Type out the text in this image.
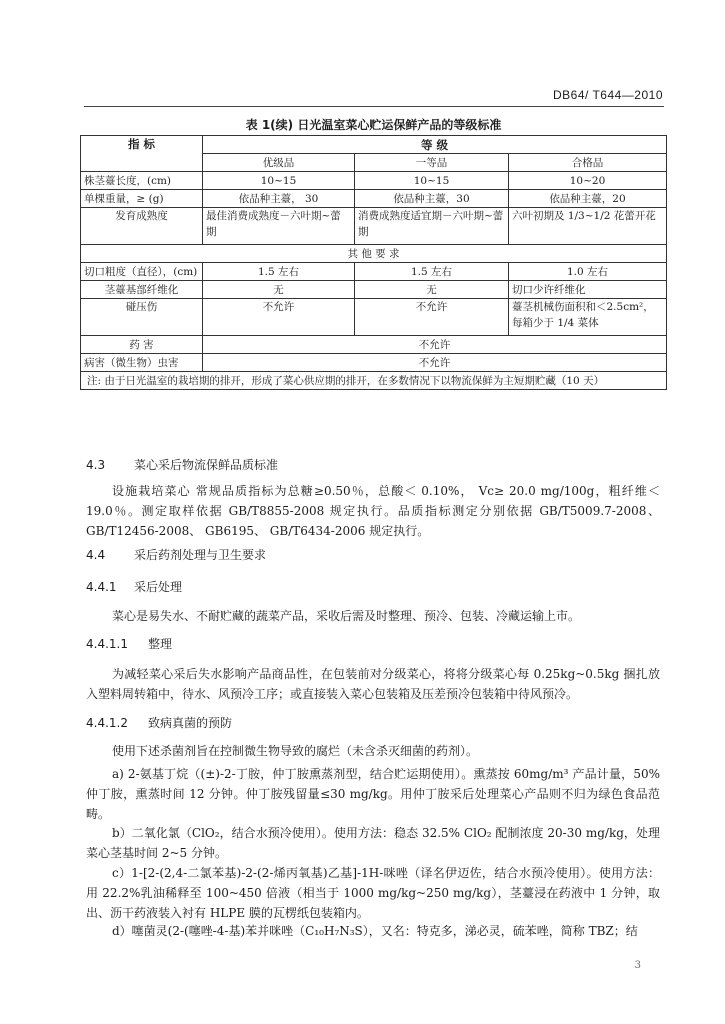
DB64/ T644—2010
表 1(续) 日光温室菜心贮运保鲜产品的等级标准			
指 标	等 级		
	优级品	一等品	合格品
株茎薹长度，(cm)	10~15	10~15	10~20
单棵重量，≥ (g)	依品种主薹， 30	依品种主薹，30	依品种主薹，20
发育成熟度	最佳消费成熟度－六叶期~蕾期	消费成熟度适宜期－六叶期~蕾期	六叶初期及 1/3~1/2 花蕾开花
其 他 要 求			
切口粗度（直径），(cm)	1.5 左右	1.5 左右	1.0 左右
茎薹基部纤维化	无	无	切口少许纤维化
碰压伤	不允许	不允许	薹茎机械伤面积和＜2.5cm²，每箱少于 1/4 菜体
药 害	不允许		
病害（微生物）虫害	不允许		
注: 由于日光温室的栽培期的排开，形成了菜心供应期的排开，在多数情况下以物流保鲜为主短期贮藏（10 天）			
4.3 菜心采后物流保鲜品质标准

设施栽培菜心 常规品质指标为总糖≥0.50％，总酸＜ 0.10%， Vc≥ 20.0 mg/100g，粗纤维＜19.0％。测定取样依据 GB/T8855-2008 规定执行。品质指标测定分别依据 GB/T5009.7-2008、GB/T12456-2008、 GB6195、 GB/T6434-2006 规定执行。

4.4 采后药剂处理与卫生要求
4.4.1 采后处理

菜心是易失水、不耐贮藏的蔬菜产品，采收后需及时整理、预冷、包装、冷藏运输上市。

4.4.1.1 整理

为减轻菜心采后失水影响产品商品性，在包装前对分级菜心，将将分级菜心每 0.25kg~0.5kg 捆扎放入塑料周转箱中，待水、风预冷工序；或直接装入菜心包装箱及压差预冷包装箱中待风预冷。

4.4.1.2 致病真菌的预防

使用下述杀菌剂旨在控制微生物导致的腐烂（未含杀灭细菌的药剂）。

a) 2-氨基丁烷（(±)-2-丁胺，仲丁胺熏蒸剂型，结合贮运期使用）。熏蒸按 60mg/m³ 产品计量，50%仲丁胺，熏蒸时间 12 分钟。仲丁胺残留量≤30 mg/kg。用仲丁胺采后处理菜心产品则不归为绿色食品范畴。

b）二氧化氯（ClO₂，结合水预冷使用）。使用方法：稳态 32.5% ClO₂ 配制浓度 20-30 mg/kg，处理菜心茎基时间 2~5 分钟。

c）1-[2-(2,4-二氯苯基)-2-(2-烯丙氧基)乙基]-1H-咪唑（译名伊迈佐，结合水预冷使用）。使用方法：用 22.2%乳油稀释至 100~450 倍液（相当于 1000 mg/kg~250 mg/kg），茎薹浸在药液中 1 分钟，取出、沥干药液装入衬有 HLPE 膜的瓦楞纸包装箱内。

d）噻菌灵(2-(噻唑-4-基)苯并咪唑（C₁₀H₇N₃S），又名：特克多，涕必灵，硫苯唑，简称 TBZ；结

3
